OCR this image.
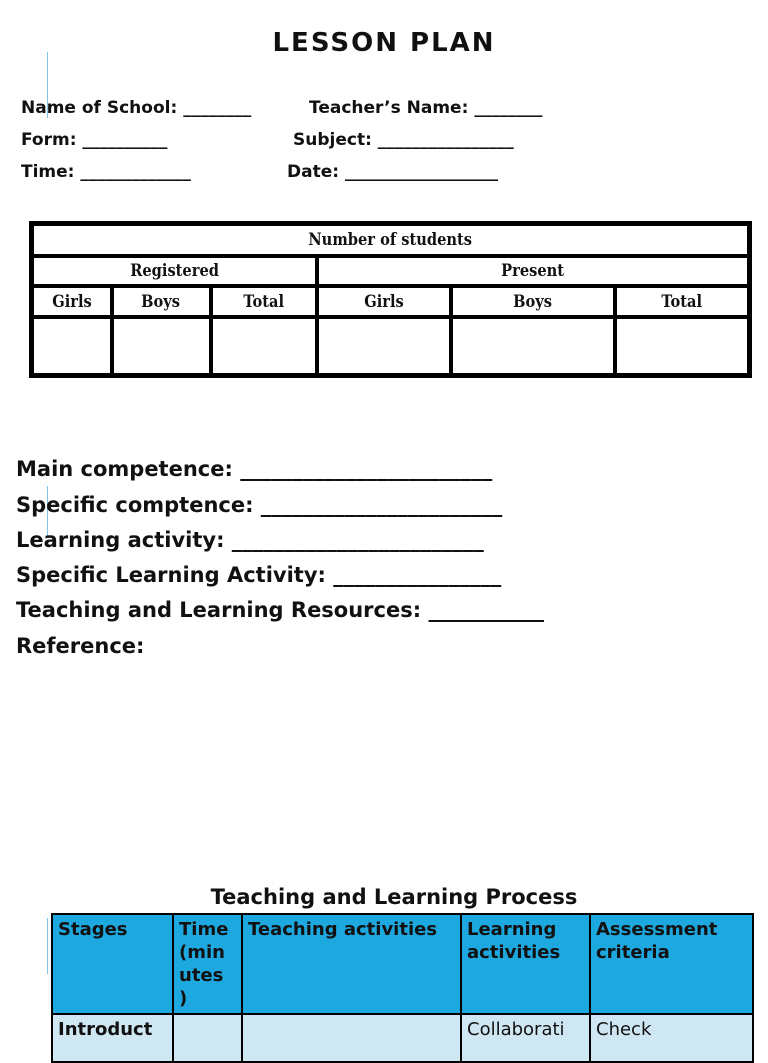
LESSON PLAN
Name of School: ________	Teacher’s Name: ________
Form: __________	Subject: ________________
Time: _____________	Date: __________________
Number of students					
Registered			Present		
Girls	Boys	Total	Girls	Boys	Total

Main competence: ________________________
Specific comptence: _______________________
Learning activity: ________________________
Specific Learning Activity: ________________
Teaching and Learning Resources: ___________
Reference:
Teaching and Learning Process
Stages	Time (min utes )	Teaching activities	Learning activities	Assessment criteria
Introduct			Collaborati	Check
